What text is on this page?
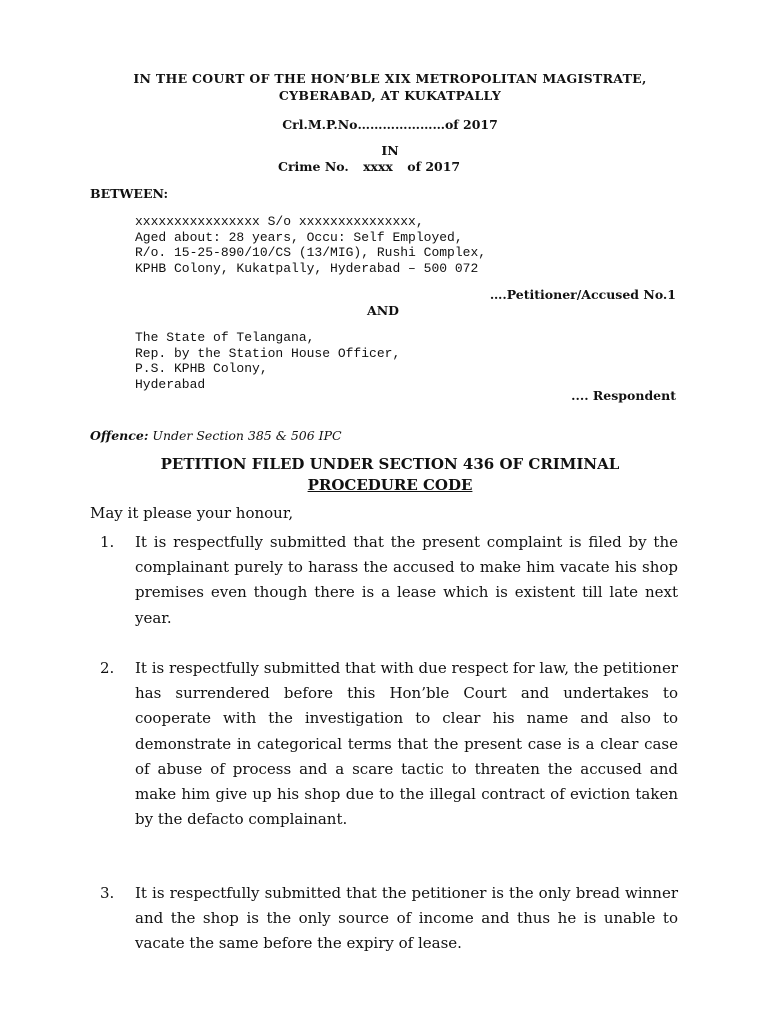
IN THE COURT OF THE HON’BLE XIX METROPOLITAN MAGISTRATE,
CYBERABAD, AT KUKATPALLY
Crl.M.P.No…………………of 2017
IN
Crime No. xxxx of 2017
BETWEEN:
xxxxxxxxxxxxxxxx S/o xxxxxxxxxxxxxxx,
Aged about: 28 years, Occu: Self Employed,
R/o. 15-25-890/10/CS (13/MIG), Rushi Complex,
KPHB Colony, Kukatpally, Hyderabad – 500 072
….Petitioner/Accused No.1
AND
The State of Telangana,
Rep. by the Station House Officer,
P.S. KPHB Colony,
Hyderabad
.... Respondent
Offence: Under Section 385 & 506 IPC
PETITION FILED UNDER SECTION 436 OF CRIMINAL
PROCEDURE CODE
May it please your honour,
1. It is respectfully submitted that the present complaint is filed by the complainant purely to harass the accused to make him vacate his shop premises even though there is a lease which is existent till late next year.
2. It is respectfully submitted that with due respect for law, the petitioner has surrendered before this Hon’ble Court and undertakes to cooperate with the investigation to clear his name and also to demonstrate in categorical terms that the present case is a clear case of abuse of process and a scare tactic to threaten the accused and make him give up his shop due to the illegal contract of eviction taken by the defacto complainant.
3. It is respectfully submitted that the petitioner is the only bread winner and the shop is the only source of income and thus he is unable to vacate the same before the expiry of lease.
